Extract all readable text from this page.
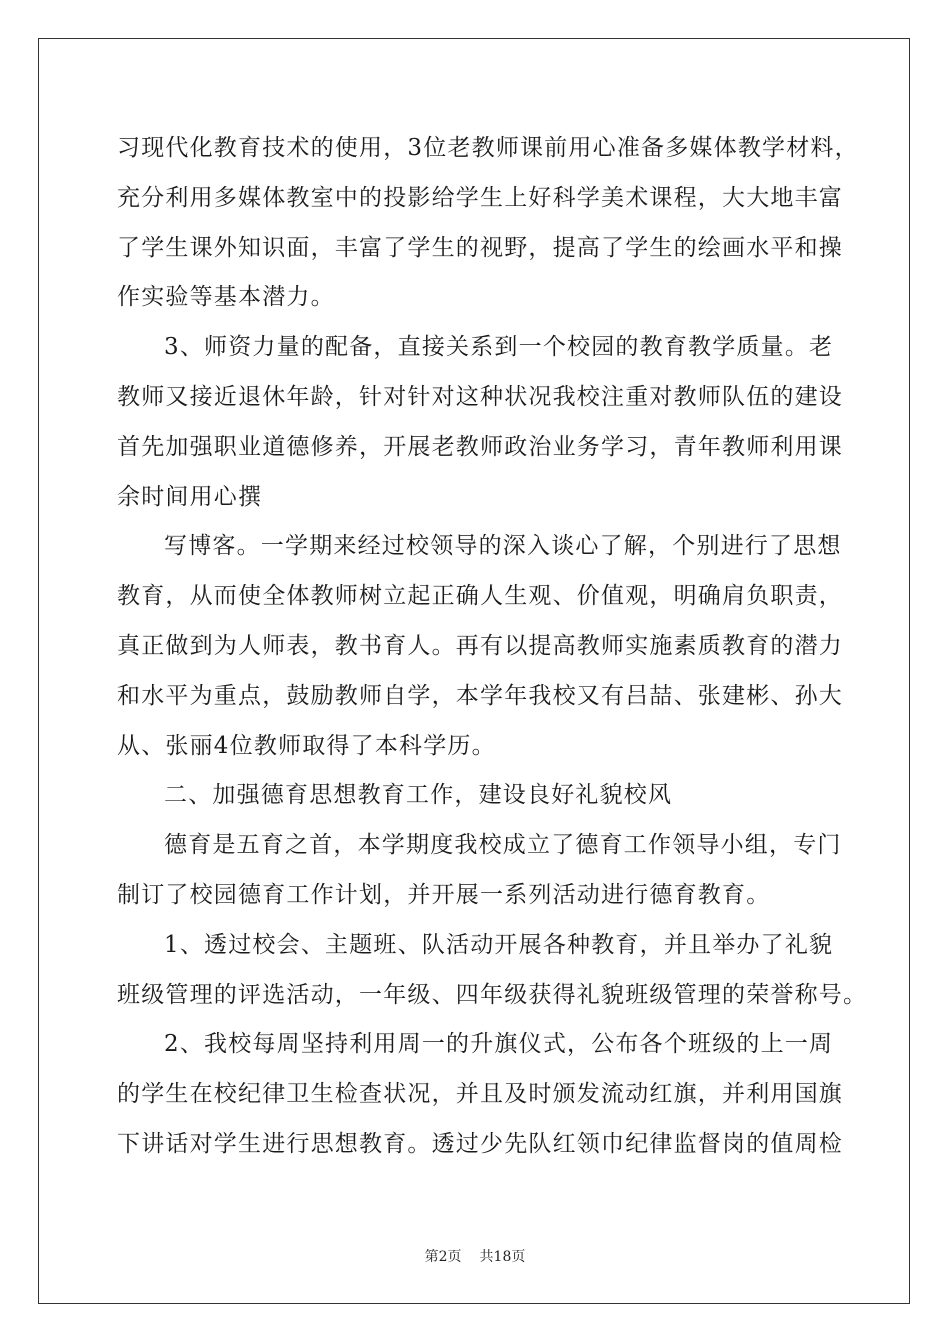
习现代化教育技术的使用，3位老教师课前用心准备多媒体教学材料，
充分利用多媒体教室中的投影给学生上好科学美术课程，大大地丰富
了学生课外知识面，丰富了学生的视野，提高了学生的绘画水平和操
作实验等基本潜力。
3、师资力量的配备，直接关系到一个校园的教育教学质量。老
教师又接近退休年龄，针对针对这种状况我校注重对教师队伍的建设
首先加强职业道德修养，开展老教师政治业务学习，青年教师利用课
余时间用心撰
写博客。一学期来经过校领导的深入谈心了解，个别进行了思想
教育，从而使全体教师树立起正确人生观、价值观，明确肩负职责，
真正做到为人师表，教书育人。再有以提高教师实施素质教育的潜力
和水平为重点，鼓励教师自学，本学年我校又有吕喆、张建彬、孙大
从、张丽4位教师取得了本科学历。
二、加强德育思想教育工作，建设良好礼貌校风
德育是五育之首，本学期度我校成立了德育工作领导小组，专门
制订了校园德育工作计划，并开展一系列活动进行德育教育。
1、透过校会、主题班、队活动开展各种教育，并且举办了礼貌
班级管理的评选活动，一年级、四年级获得礼貌班级管理的荣誉称号。
2、我校每周坚持利用周一的升旗仪式，公布各个班级的上一周
的学生在校纪律卫生检查状况，并且及时颁发流动红旗，并利用国旗
下讲话对学生进行思想教育。透过少先队红领巾纪律监督岗的值周检
第2页 共18页
